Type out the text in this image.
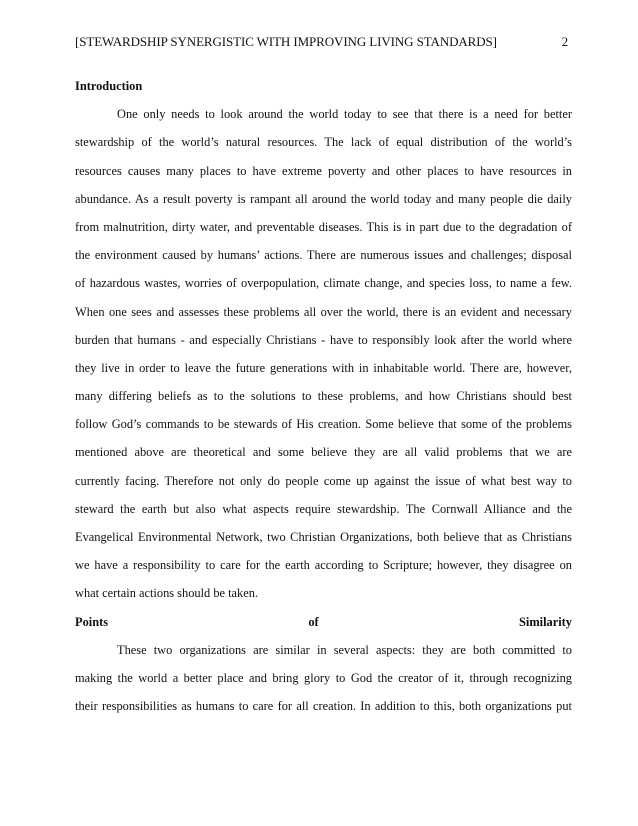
[STEWARDSHIP SYNERGISTIC WITH IMPROVING LIVING STANDARDS]	2
Introduction
One only needs to look around the world today to see that there is a need for better
stewardship of the world’s natural resources. The lack of equal distribution of the world’s
resources causes many places to have extreme poverty and other places to have resources in
abundance. As a result poverty is rampant all around the world today and many people die daily
from malnutrition, dirty water, and preventable diseases. This is in part due to the degradation of
the environment caused by humans’ actions. There are numerous issues and challenges; disposal
of hazardous wastes, worries of overpopulation, climate change, and species loss, to name a few.
When one sees and assesses these problems all over the world, there is an evident and necessary
burden that humans - and especially Christians - have to responsibly look after the world where
they live in order to leave the future generations with in inhabitable world. There are, however,
many differing beliefs as to the solutions to these problems, and how Christians should best
follow God’s commands to be stewards of His creation. Some believe that some of the problems
mentioned above are theoretical and some believe they are all valid problems that we are
currently facing. Therefore not only do people come up against the issue of what best way to
steward the earth but also what aspects require stewardship. The Cornwall Alliance and the
Evangelical Environmental Network, two Christian Organizations, both believe that as Christians
we have a responsibility to care for the earth according to Scripture; however, they disagree on
what certain actions should be taken.
Points of Similarity
These two organizations are similar in several aspects: they are both committed to
making the world a better place and bring glory to God the creator of it, through recognizing
their responsibilities as humans to care for all creation. In addition to this, both organizations put
